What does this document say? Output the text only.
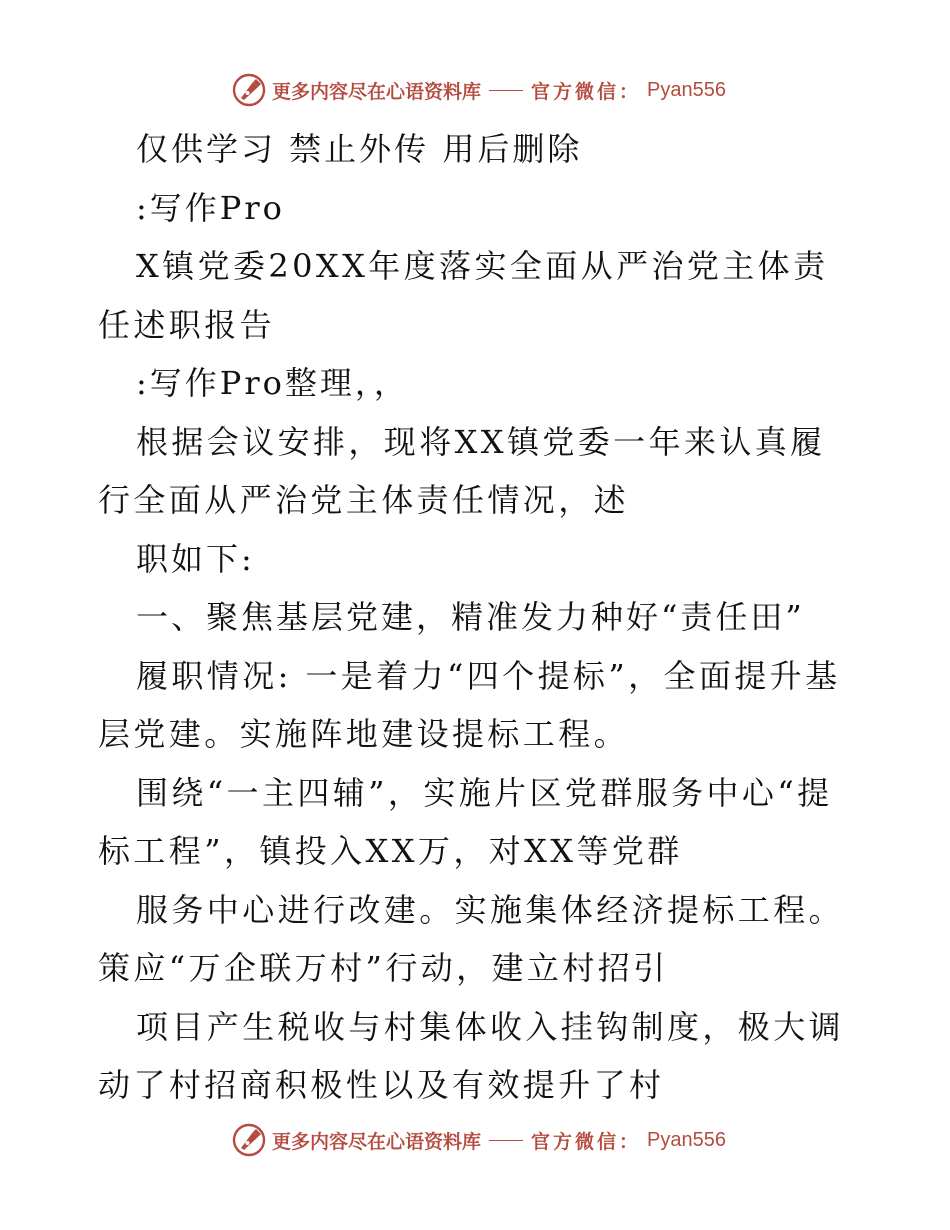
更多内容尽在心语资料库	官方微信： Pyan556

仅供学习 禁止外传 用后删除

:写作Pro

X镇党委20XX年度落实全面从严治党主体责任述职报告

:写作Pro整理，，

根据会议安排，现将XX镇党委一年来认真履行全面从严治党主体责任情况，述

职如下:

一、聚焦基层党建，精准发力种好“责任田”

履职情况: 一是着力“四个提标”，全面提升基层党建。实施阵地建设提标工程。

围绕“一主四辅”，实施片区党群服务中心“提标工程”，镇投入XX万，对XX等党群

服务中心进行改建。实施集体经济提标工程。策应“万企联万村”行动，建立村招引

项目产生税收与村集体收入挂钩制度，极大调动了村招商积极性以及有效提升了村

更多内容尽在心语资料库	官方微信： Pyan556
